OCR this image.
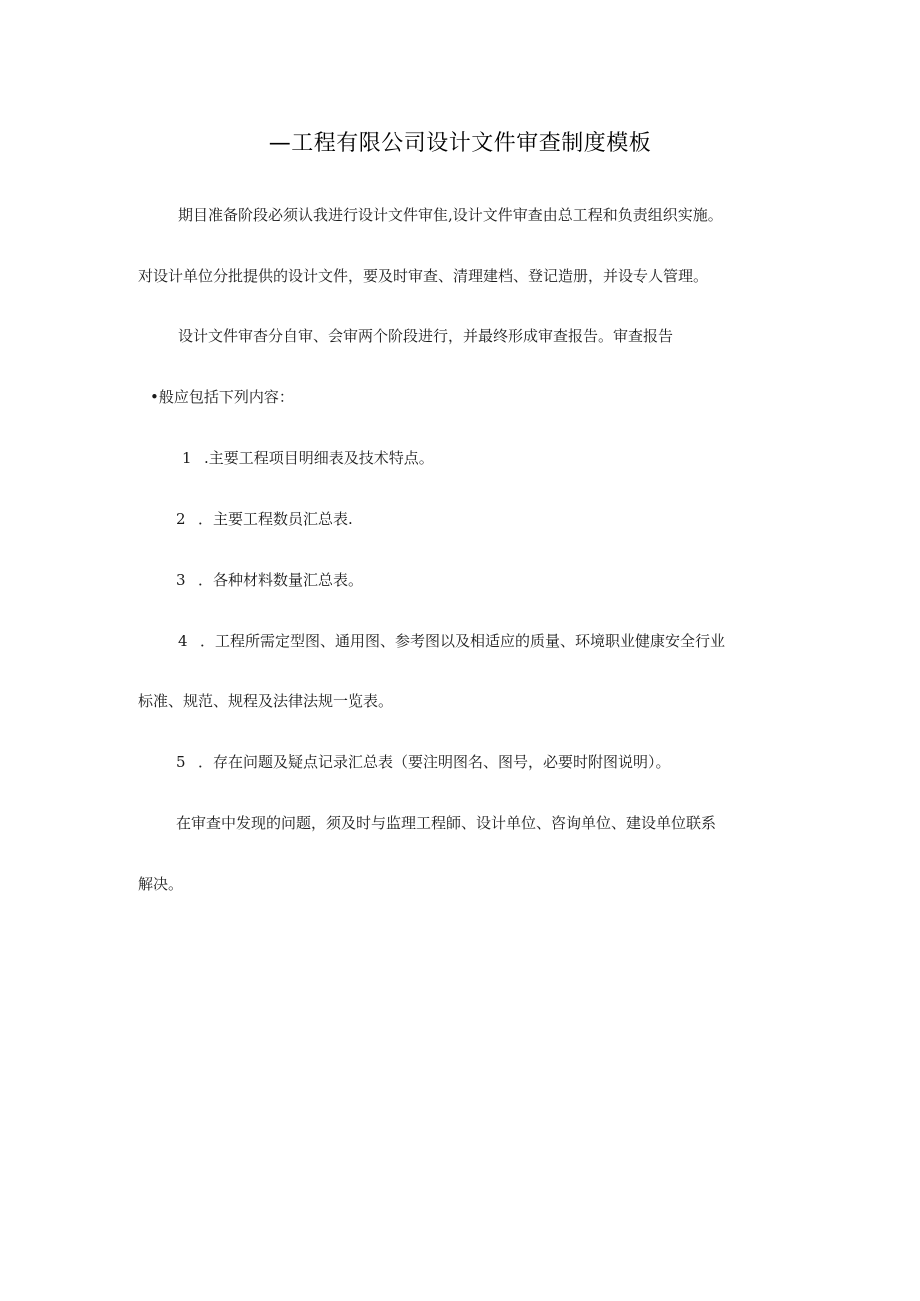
—工程有限公司设计文件审查制度模板
期目准备阶段必须认我进行设计文件审隹,设计文件审查由总工程和负责组织实施。
对设计单位分批提供的设计文件，要及时审查、清理建档、登记造册，并设专人管理。
设计文件审杳分自审、会审两个阶段进行，并最终形成审查报告。审查报告
•般应包括下列内容：
1 .主要工程项目明细表及技术特点。
2 ．主要工程数员汇总表.
3 ．各种材料数量汇总表。
4 ．工程所需定型图、通用图、参考图以及相适应的质量、环境职业健康安全行业
标准、规范、规程及法律法规一览表。
5 ．存在问题及疑点记录汇总表（要注明图名、图号，必要时附图说明）。
在审查中发现的问题，须及时与监理工程師、设计单位、咨询单位、建设单位联系
解决。
